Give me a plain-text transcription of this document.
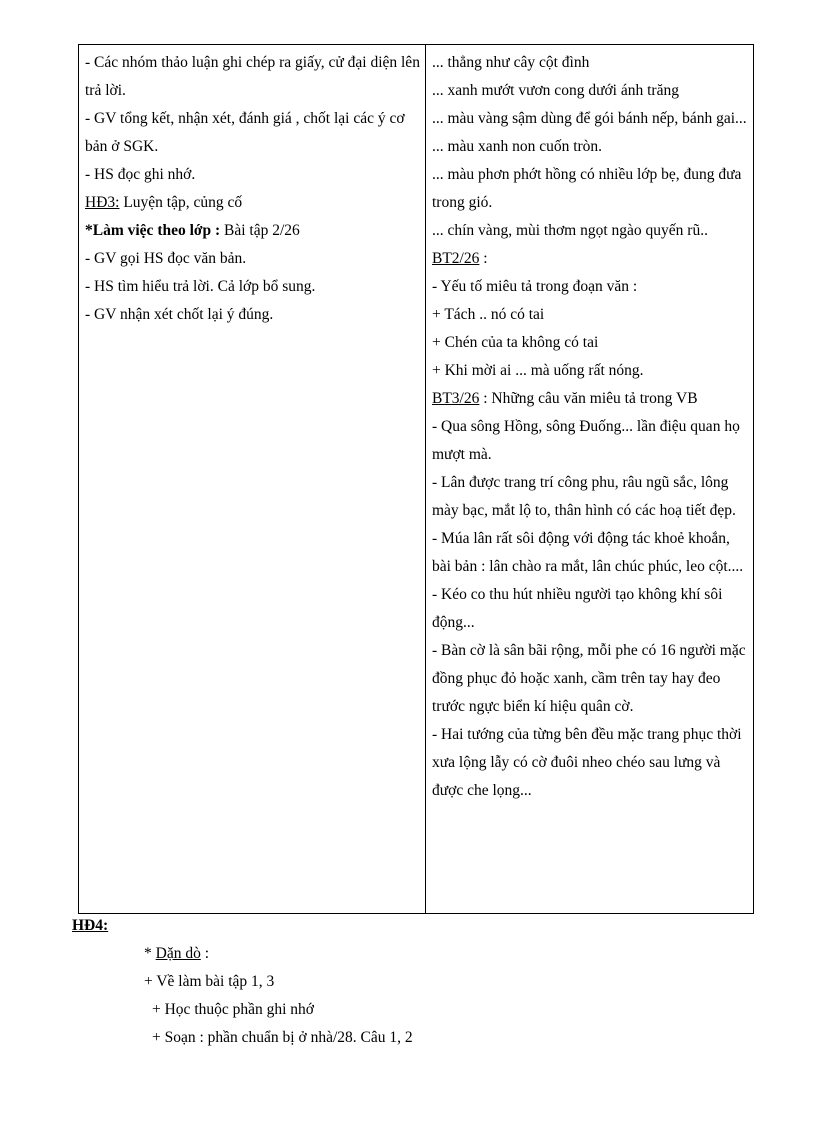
- Các nhóm thảo luận ghi chép ra giấy, cử đại diện lên trả lời.
- GV tổng kết, nhận xét, đánh giá , chốt lại các ý cơ bản ở SGK.
- HS đọc ghi nhớ.
HĐ3: Luyện tập, củng cố
*Làm việc theo lớp : Bài tập 2/26
- GV gọi HS đọc văn bản.
- HS tìm hiểu trả lời. Cả lớp bổ sung.
- GV nhận xét chốt lại ý đúng.

... thẳng như cây cột đình
... xanh mướt vươn cong dưới ánh trăng
... màu vàng sậm dùng để gói bánh nếp, bánh gai...
... màu xanh non cuốn tròn.
... màu phơn phớt hồng có nhiều lớp bẹ, đung đưa trong gió.
... chín vàng, mùi thơm ngọt ngào quyến rũ..
BT2/26 :
- Yếu tố miêu tả trong đoạn văn :
+ Tách .. nó có tai
+ Chén của ta không có tai
+ Khi mời ai ... mà uống rất nóng.
BT3/26 : Những câu văn miêu tả trong VB
- Qua sông Hồng, sông Đuống... lần điệu quan họ mượt mà.
- Lân được trang trí công phu, râu ngũ sắc, lông mày bạc, mắt lộ to, thân hình có các hoạ tiết đẹp.
- Múa lân rất sôi động với động tác khoẻ khoắn, bài bản : lân chào ra mắt, lân chúc phúc, leo cột....
- Kéo co thu hút nhiều người tạo không khí sôi động...
- Bàn cờ là sân bãi rộng, mỗi phe có 16 người mặc đồng phục đỏ hoặc xanh, cầm trên tay hay đeo trước ngực biển kí hiệu quân cờ.
- Hai tướng của từng bên đều mặc trang phục thời xưa lộng lẫy có cờ đuôi nheo chéo sau lưng và được che lọng...
HĐ4:
* Dặn dò :
+ Về làm bài tập 1, 3
+ Học thuộc phần ghi nhớ
+ Soạn : phần chuẩn bị ở nhà/28. Câu 1, 2
